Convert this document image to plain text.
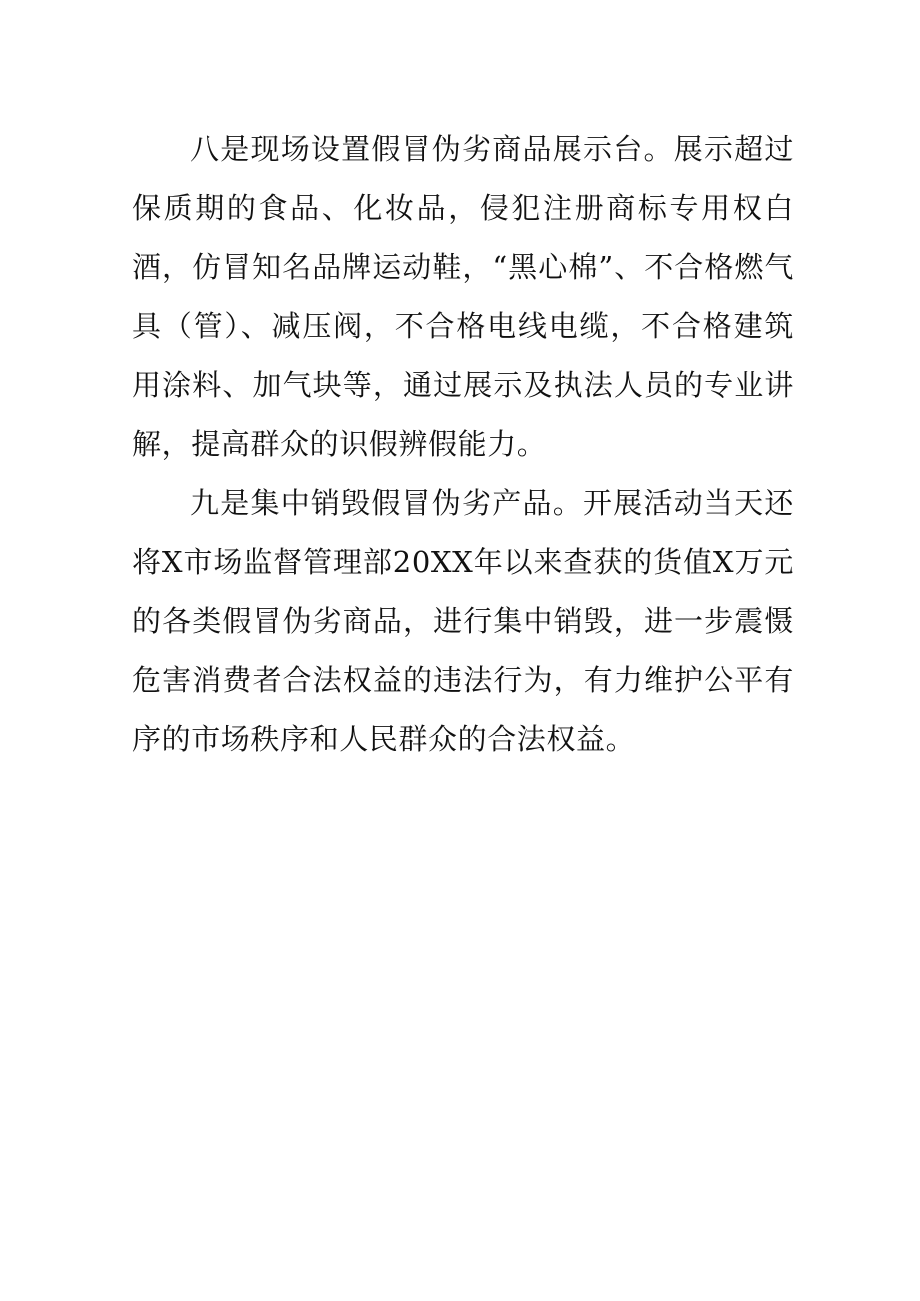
八是现场设置假冒伪劣商品展示台。展示超过保质期的食品、化妆品，侵犯注册商标专用权白酒，仿冒知名品牌运动鞋，“黑心棉”、不合格燃气具（管）、减压阀，不合格电线电缆，不合格建筑用涂料、加气块等，通过展示及执法人员的专业讲解，提高群众的识假辨假能力。

九是集中销毁假冒伪劣产品。开展活动当天还将X市场监督管理部20XX年以来查获的货值X万元的各类假冒伪劣商品，进行集中销毁，进一步震慑危害消费者合法权益的违法行为，有力维护公平有序的市场秩序和人民群众的合法权益。
